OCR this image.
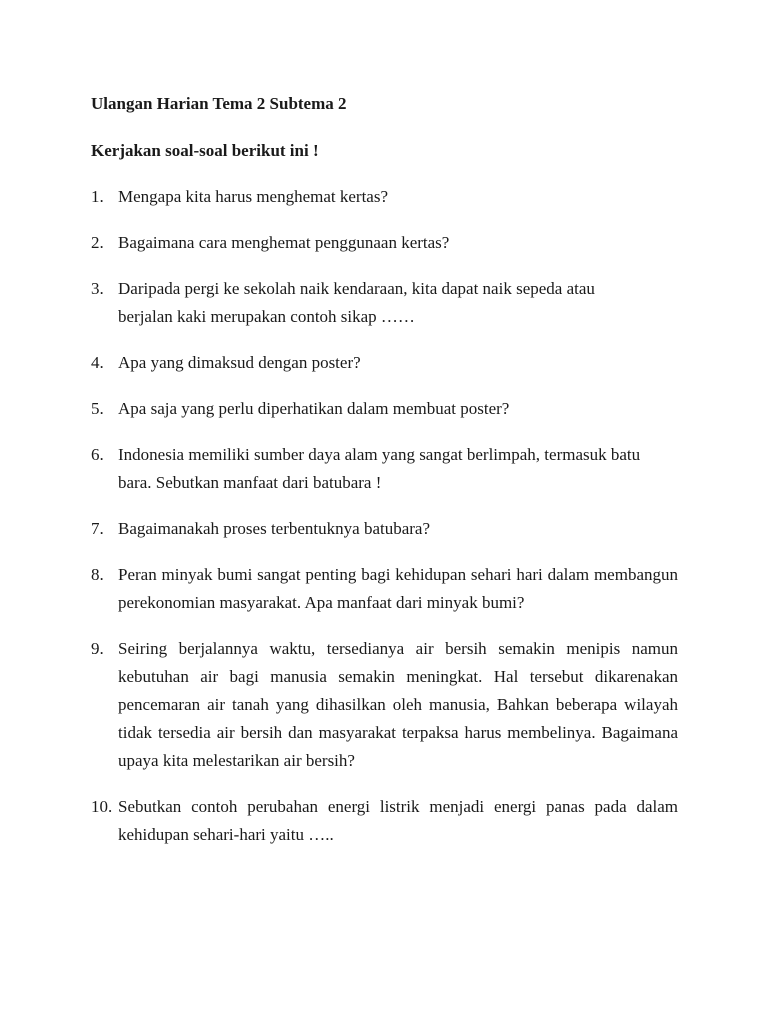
Ulangan Harian Tema 2 Subtema 2

Kerjakan soal-soal berikut ini !

1. Mengapa kita harus menghemat kertas?
2. Bagaimana cara menghemat penggunaan kertas?
3. Daripada pergi ke sekolah naik kendaraan, kita dapat naik sepeda atau berjalan kaki merupakan contoh sikap ……
4. Apa yang dimaksud dengan poster?
5. Apa saja yang perlu diperhatikan dalam membuat poster?
6. Indonesia memiliki sumber daya alam yang sangat berlimpah, termasuk batu bara. Sebutkan manfaat dari batubara !
7. Bagaimanakah proses terbentuknya batubara?
8. Peran minyak bumi sangat penting bagi kehidupan sehari hari dalam membangun perekonomian masyarakat. Apa manfaat dari minyak bumi?
9. Seiring berjalannya waktu, tersedianya air bersih semakin menipis namun kebutuhan air bagi manusia semakin meningkat. Hal tersebut dikarenakan pencemaran air tanah yang dihasilkan oleh manusia, Bahkan beberapa wilayah tidak tersedia air bersih dan masyarakat terpaksa harus membelinya. Bagaimana upaya kita melestarikan air bersih?
10. Sebutkan contoh perubahan energi listrik menjadi energi panas pada dalam kehidupan sehari-hari yaitu …..
